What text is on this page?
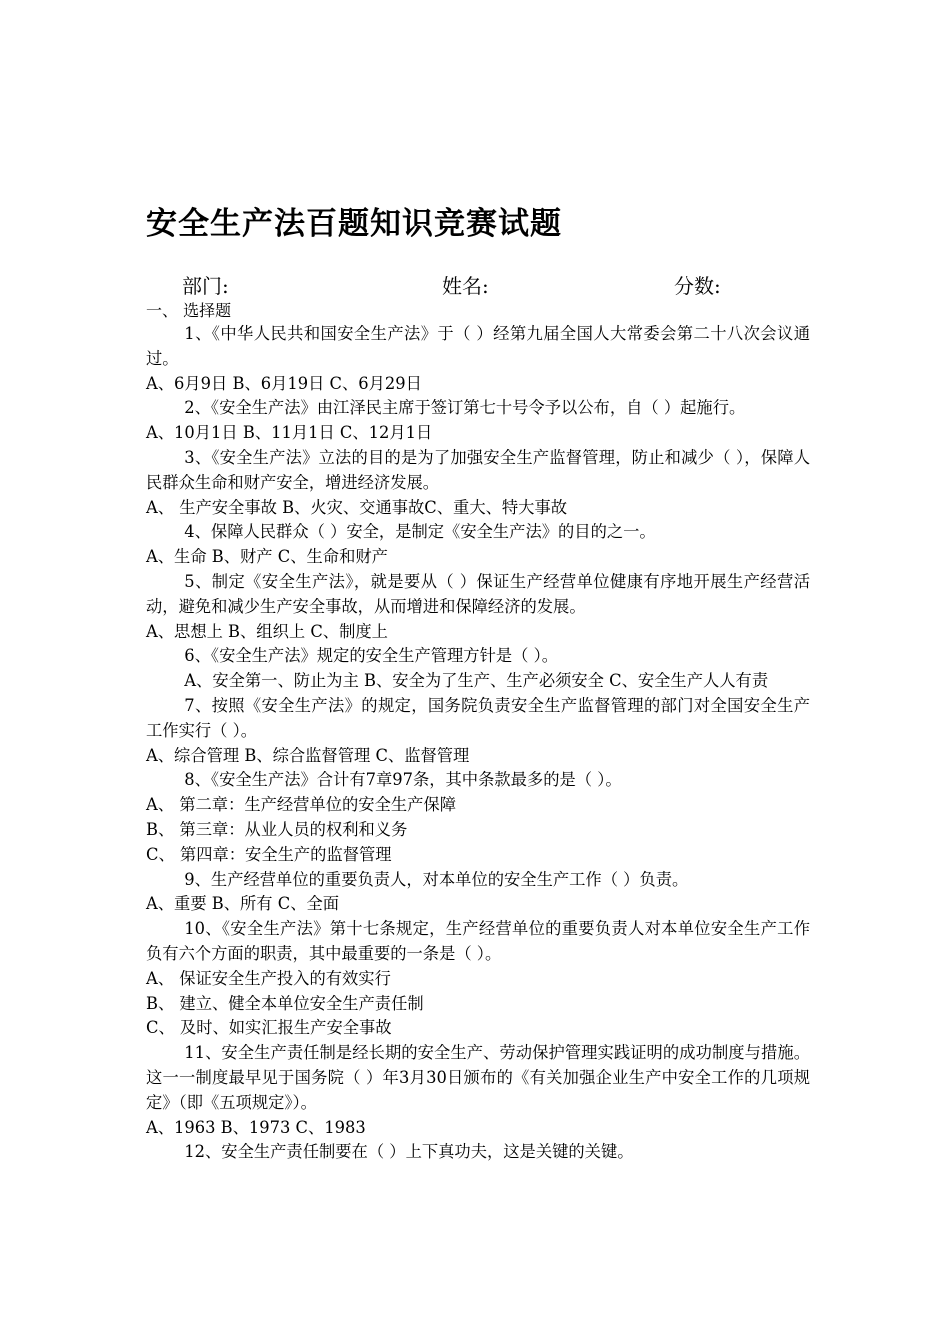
安全生产法百题知识竞赛试题
部门:	姓名:	分数:
一、 选择题

1、《中华人民共和国安全生产法》于（ ）经第九届全国人大常委会第二十八次会议通过。

A、6月9日 B、6月19日 C、6月29日

2、《安全生产法》由江泽民主席于签订第七十号令予以公布，自（ ）起施行。

A、10月1日 B、11月1日 C、12月1日

3、《安全生产法》立法的目的是为了加强安全生产监督管理，防止和减少（ ），保障人民群众生命和财产安全，增进经济发展。

A、 生产安全事故 B、火灾、交通事故C、重大、特大事故

4、保障人民群众（ ）安全，是制定《安全生产法》的目的之一。

A、生命 B、财产 C、生命和财产

5、制定《安全生产法》，就是要从（ ）保证生产经营单位健康有序地开展生产经营活动，避免和减少生产安全事故，从而增进和保障经济的发展。

A、思想上 B、组织上 C、制度上

6、《安全生产法》规定的安全生产管理方针是（ ）。

A、安全第一、防止为主 B、安全为了生产、生产必须安全 C、安全生产人人有责

7、按照《安全生产法》的规定，国务院负责安全生产监督管理的部门对全国安全生产工作实行（ ）。

A、综合管理 B、综合监督管理 C、监督管理

8、《安全生产法》合计有7章97条，其中条款最多的是（ ）。

A、 第二章：生产经营单位的安全生产保障

B、 第三章：从业人员的权利和义务

C、 第四章：安全生产的监督管理

9、生产经营单位的重要负责人，对本单位的安全生产工作（ ）负责。

A、重要 B、所有 C、全面

10、《安全生产法》第十七条规定，生产经营单位的重要负责人对本单位安全生产工作负有六个方面的职责，其中最重要的一条是（ ）。

A、 保证安全生产投入的有效实行

B、 建立、健全本单位安全生产责任制

C、 及时、如实汇报生产安全事故

11、安全生产责任制是经长期的安全生产、劳动保护管理实践证明的成功制度与措施。这一一制度最早见于国务院（ ）年3月30日颁布的《有关加强企业生产中安全工作的几项规定》（即《五项规定》）。

A、1963 B、1973 C、1983

12、安全生产责任制要在（ ）上下真功夫，这是关键的关键。
